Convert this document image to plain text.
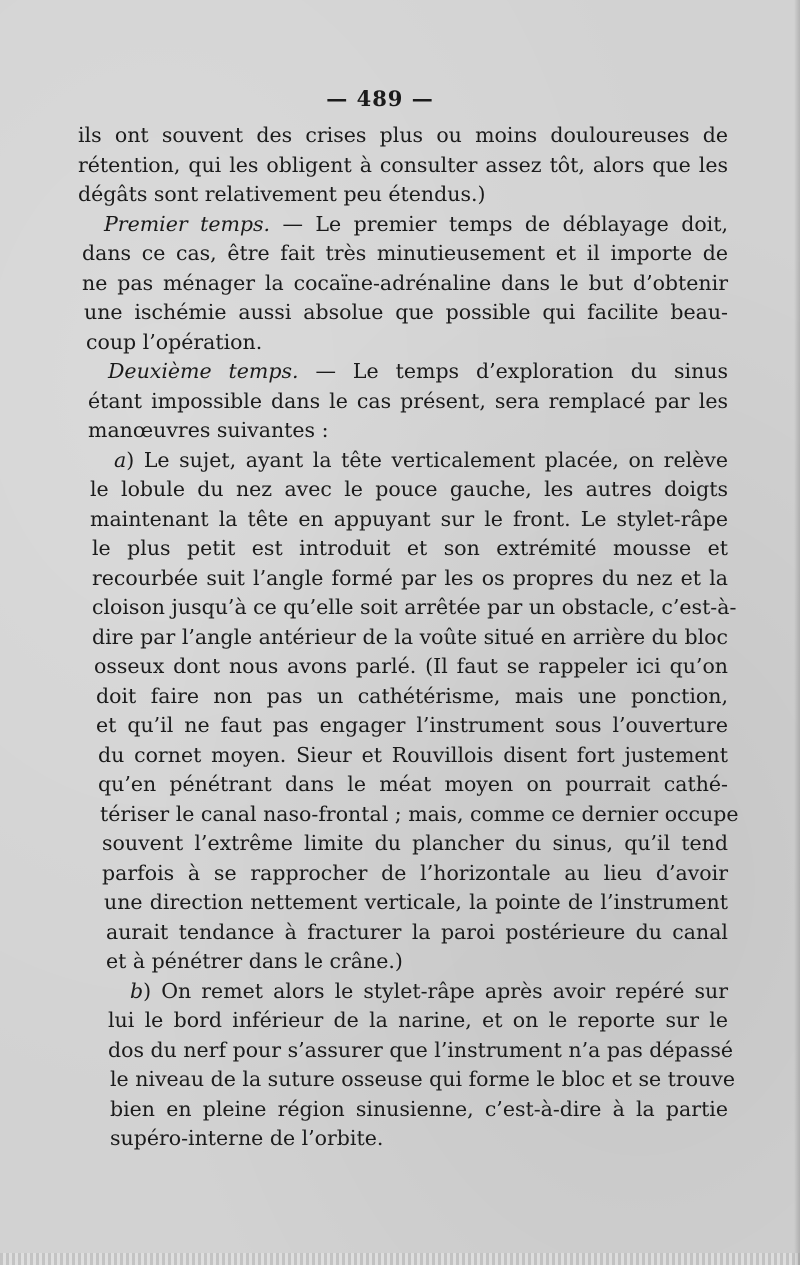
— 489 —
ils ont souvent des crises plus ou moins douloureuses de
rétention, qui les obligent à consulter assez tôt, alors que les
dégâts sont relativement peu étendus.)
Premier temps. — Le premier temps de déblayage doit,
dans ce cas, être fait très minutieusement et il importe de
ne pas ménager la cocaïne-adrénaline dans le but d’obtenir
une ischémie aussi absolue que possible qui facilite beau-
coup l’opération.
Deuxième temps. — Le temps d’exploration du sinus
étant impossible dans le cas présent, sera remplacé par les
manœuvres suivantes :
a) Le sujet, ayant la tête verticalement placée, on relève
le lobule du nez avec le pouce gauche, les autres doigts
maintenant la tête en appuyant sur le front. Le stylet-râpe
le plus petit est introduit et son extrémité mousse et
recourbée suit l’angle formé par les os propres du nez et la
cloison jusqu’à ce qu’elle soit arrêtée par un obstacle, c’est-à-
dire par l’angle antérieur de la voûte situé en arrière du bloc
osseux dont nous avons parlé. (Il faut se rappeler ici qu’on
doit faire non pas un cathétérisme, mais une ponction,
et qu’il ne faut pas engager l’instrument sous l’ouverture
du cornet moyen. Sieur et Rouvillois disent fort justement
qu’en pénétrant dans le méat moyen on pourrait cathé-
tériser le canal naso-frontal ; mais, comme ce dernier occupe
souvent l’extrême limite du plancher du sinus, qu’il tend
parfois à se rapprocher de l’horizontale au lieu d’avoir
une direction nettement verticale, la pointe de l’instrument
aurait tendance à fracturer la paroi postérieure du canal
et à pénétrer dans le crâne.)
b) On remet alors le stylet-râpe après avoir repéré sur
lui le bord inférieur de la narine, et on le reporte sur le
dos du nerf pour s’assurer que l’instrument n’a pas dépassé
le niveau de la suture osseuse qui forme le bloc et se trouve
bien en pleine région sinusienne, c’est-à-dire à la partie
supéro-interne de l’orbite.
